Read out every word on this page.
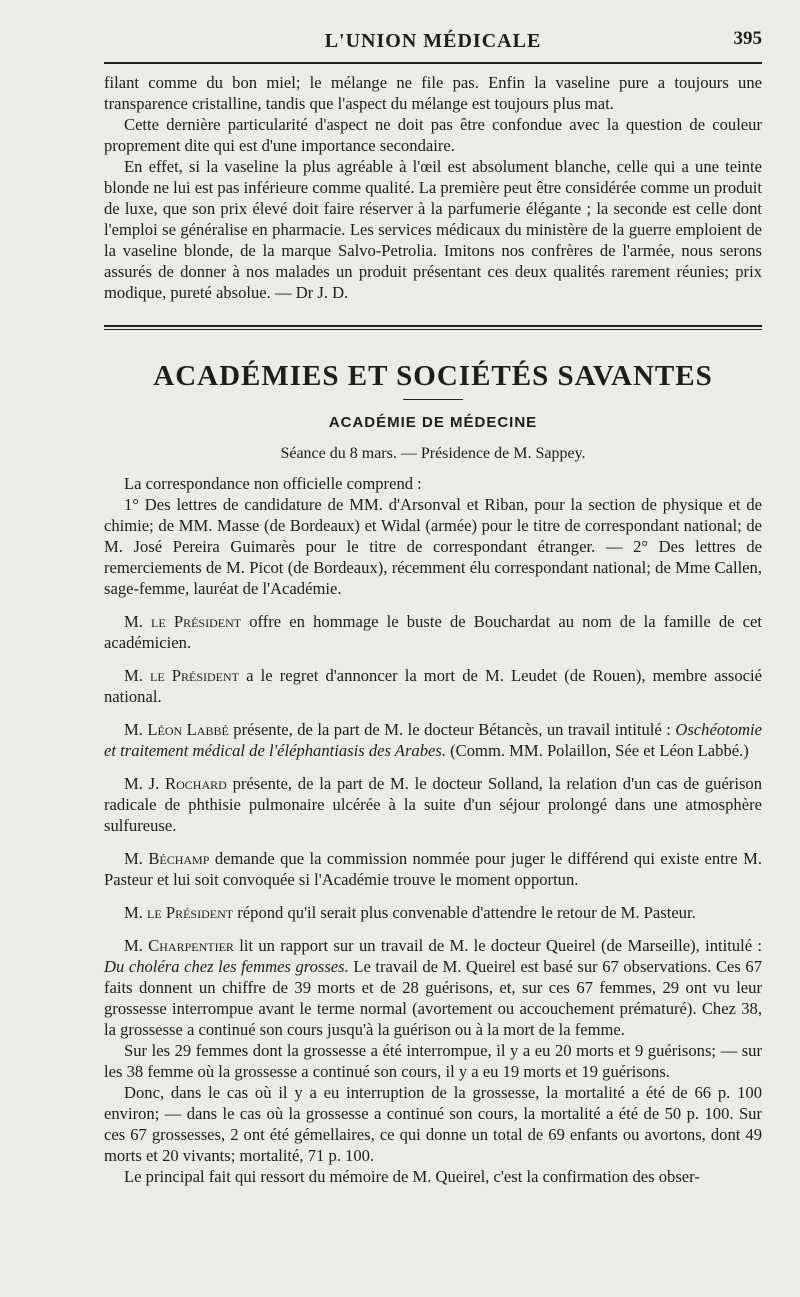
L'UNION MÉDICALE	395

filant comme du bon miel; le mélange ne file pas. Enfin la vaseline pure a toujours une transparence cristalline, tandis que l'aspect du mélange est toujours plus mat.

Cette dernière particularité d'aspect ne doit pas être confondue avec la question de couleur proprement dite qui est d'une importance secondaire.

En effet, si la vaseline la plus agréable à l'œil est absolument blanche, celle qui a une teinte blonde ne lui est pas inférieure comme qualité. La première peut être considérée comme un produit de luxe, que son prix élevé doit faire réserver à la parfumerie élégante ; la seconde est celle dont l'emploi se généralise en pharmacie. Les services médicaux du ministère de la guerre emploient de la vaseline blonde, de la marque Salvo-Petrolia. Imitons nos confrères de l'armée, nous serons assurés de donner à nos malades un produit présentant ces deux qualités rarement réunies; prix modique, pureté absolue. — Dr J. D.

ACADÉMIES ET SOCIÉTÉS SAVANTES
ACADÉMIE DE MÉDECINE
Séance du 8 mars. — Présidence de M. Sappey.

La correspondance non officielle comprend :

1° Des lettres de candidature de MM. d'Arsonval et Riban, pour la section de physique et de chimie; de MM. Masse (de Bordeaux) et Widal (armée) pour le titre de correspondant national; de M. José Pereira Guimarès pour le titre de correspondant étranger. — 2° Des lettres de remerciements de M. Picot (de Bordeaux), récemment élu correspondant national; de Mme Callen, sage-femme, lauréat de l'Académie.

M. le Président offre en hommage le buste de Bouchardat au nom de la famille de cet académicien.

M. le Président a le regret d'annoncer la mort de M. Leudet (de Rouen), membre associé national.

M. Léon Labbé présente, de la part de M. le docteur Bétancès, un travail intitulé : Oschéotomie et traitement médical de l'éléphantiasis des Arabes. (Comm. MM. Polaillon, Sée et Léon Labbé.)

M. J. Rochard présente, de la part de M. le docteur Solland, la relation d'un cas de guérison radicale de phthisie pulmonaire ulcérée à la suite d'un séjour prolongé dans une atmosphère sulfureuse.

M. Béchamp demande que la commission nommée pour juger le différend qui existe entre M. Pasteur et lui soit convoquée si l'Académie trouve le moment opportun.

M. le Président répond qu'il serait plus convenable d'attendre le retour de M. Pasteur.

M. Charpentier lit un rapport sur un travail de M. le docteur Queirel (de Marseille), intitulé : Du choléra chez les femmes grosses. Le travail de M. Queirel est basé sur 67 observations. Ces 67 faits donnent un chiffre de 39 morts et de 28 guérisons, et, sur ces 67 femmes, 29 ont vu leur grossesse interrompue avant le terme normal (avortement ou accouchement prématuré). Chez 38, la grossesse a continué son cours jusqu'à la guérison ou à la mort de la femme.

Sur les 29 femmes dont la grossesse a été interrompue, il y a eu 20 morts et 9 guérisons; — sur les 38 femme où la grossesse a continué son cours, il y a eu 19 morts et 19 guérisons.

Donc, dans le cas où il y a eu interruption de la grossesse, la mortalité a été de 66 p. 100 environ; — dans le cas où la grossesse a continué son cours, la mortalité a été de 50 p. 100. Sur ces 67 grossesses, 2 ont été gémellaires, ce qui donne un total de 69 enfants ou avortons, dont 49 morts et 20 vivants; mortalité, 71 p. 100.

Le principal fait qui ressort du mémoire de M. Queirel, c'est la confirmation des obser-
